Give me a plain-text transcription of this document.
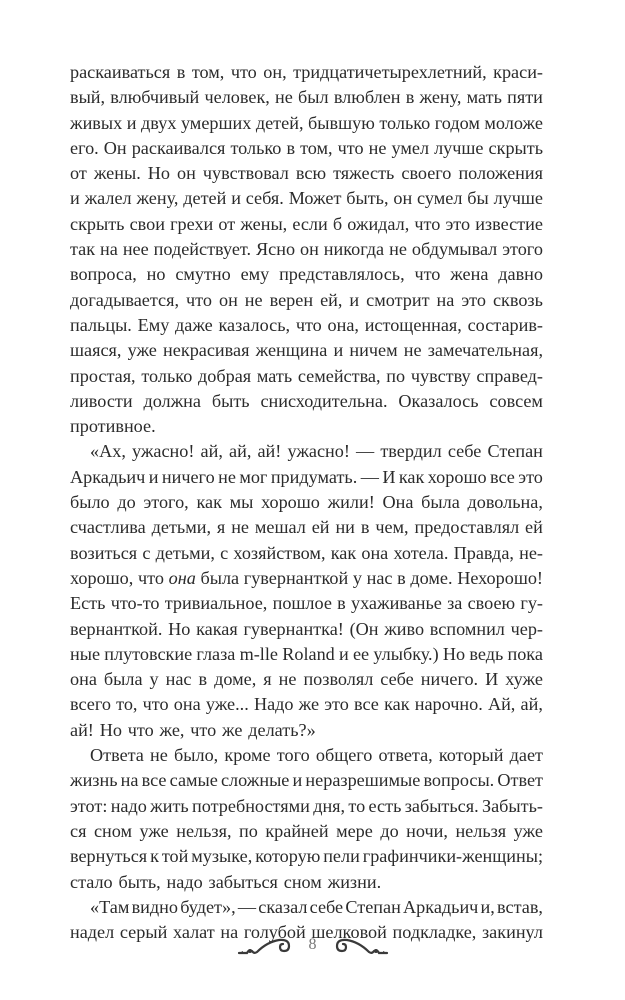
раскаиваться в том, что он, тридцатичетырехлетний, краси-
вый, влюбчивый человек, не был влюблен в жену, мать пяти
живых и двух умерших детей, бывшую только годом моложе
его. Он раскаивался только в том, что не умел лучше скрыть
от жены. Но он чувствовал всю тяжесть своего положения
и жалел жену, детей и себя. Может быть, он сумел бы лучше
скрыть свои грехи от жены, если б ожидал, что это известие
так на нее подействует. Ясно он никогда не обдумывал этого
вопроса, но смутно ему представлялось, что жена давно
догадывается, что он не верен ей, и смотрит на это сквозь
пальцы. Ему даже казалось, что она, истощенная, состарив-
шаяся, уже некрасивая женщина и ничем не замечательная,
простая, только добрая мать семейства, по чувству справед-
ливости должна быть снисходительна. Оказалось совсем
противное.
«Ах, ужасно! ай, ай, ай! ужасно! — твердил себе Степан
Аркадьич и ничего не мог придумать. — И как хорошо все это
было до этого, как мы хорошо жили! Она была довольна,
счастлива детьми, я не мешал ей ни в чем, предоставлял ей
возиться с детьми, с хозяйством, как она хотела. Правда, не-
хорошо, что она была гувернанткой у нас в доме. Нехорошо!
Есть что-то тривиальное, пошлое в ухаживанье за своею гу-
вернанткой. Но какая гувернантка! (Он живо вспомнил чер-
ные плутовские глаза m-lle Roland и ее улыбку.) Но ведь пока
она была у нас в доме, я не позволял себе ничего. И хуже
всего то, что она уже... Надо же это все как нарочно. Ай, ай,
ай! Но что же, что же делать?»
Ответа не было, кроме того общего ответа, который дает
жизнь на все самые сложные и неразрешимые вопросы. Ответ
этот: надо жить потребностями дня, то есть забыться. Забыть-
ся сном уже нельзя, по крайней мере до ночи, нельзя уже
вернуться к той музыке, которую пели графинчики-женщины;
стало быть, надо забыться сном жизни.
«Там видно будет», — сказал себе Степан Аркадьич и, встав,
надел серый халат на голубой шелковой подкладке, закинул
8
